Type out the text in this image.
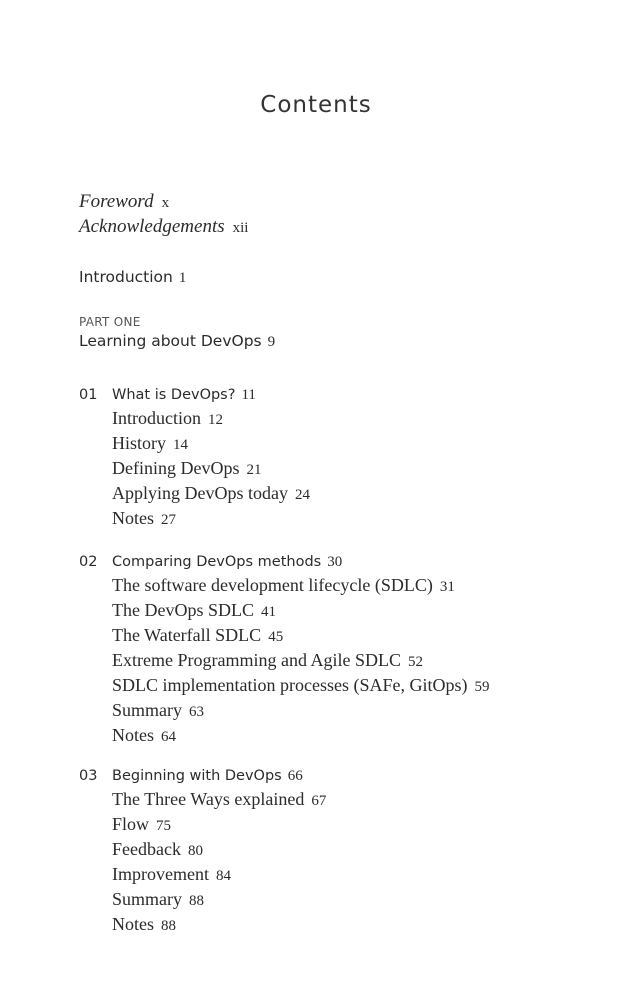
Contents
Foreword x
Acknowledgements xii
Introduction 1
PART ONE
Learning about DevOps 9
01 What is DevOps? 11
Introduction 12
History 14
Defining DevOps 21
Applying DevOps today 24
Notes 27
02 Comparing DevOps methods 30
The software development lifecycle (SDLC) 31
The DevOps SDLC 41
The Waterfall SDLC 45
Extreme Programming and Agile SDLC 52
SDLC implementation processes (SAFe, GitOps) 59
Summary 63
Notes 64
03 Beginning with DevOps 66
The Three Ways explained 67
Flow 75
Feedback 80
Improvement 84
Summary 88
Notes 88
